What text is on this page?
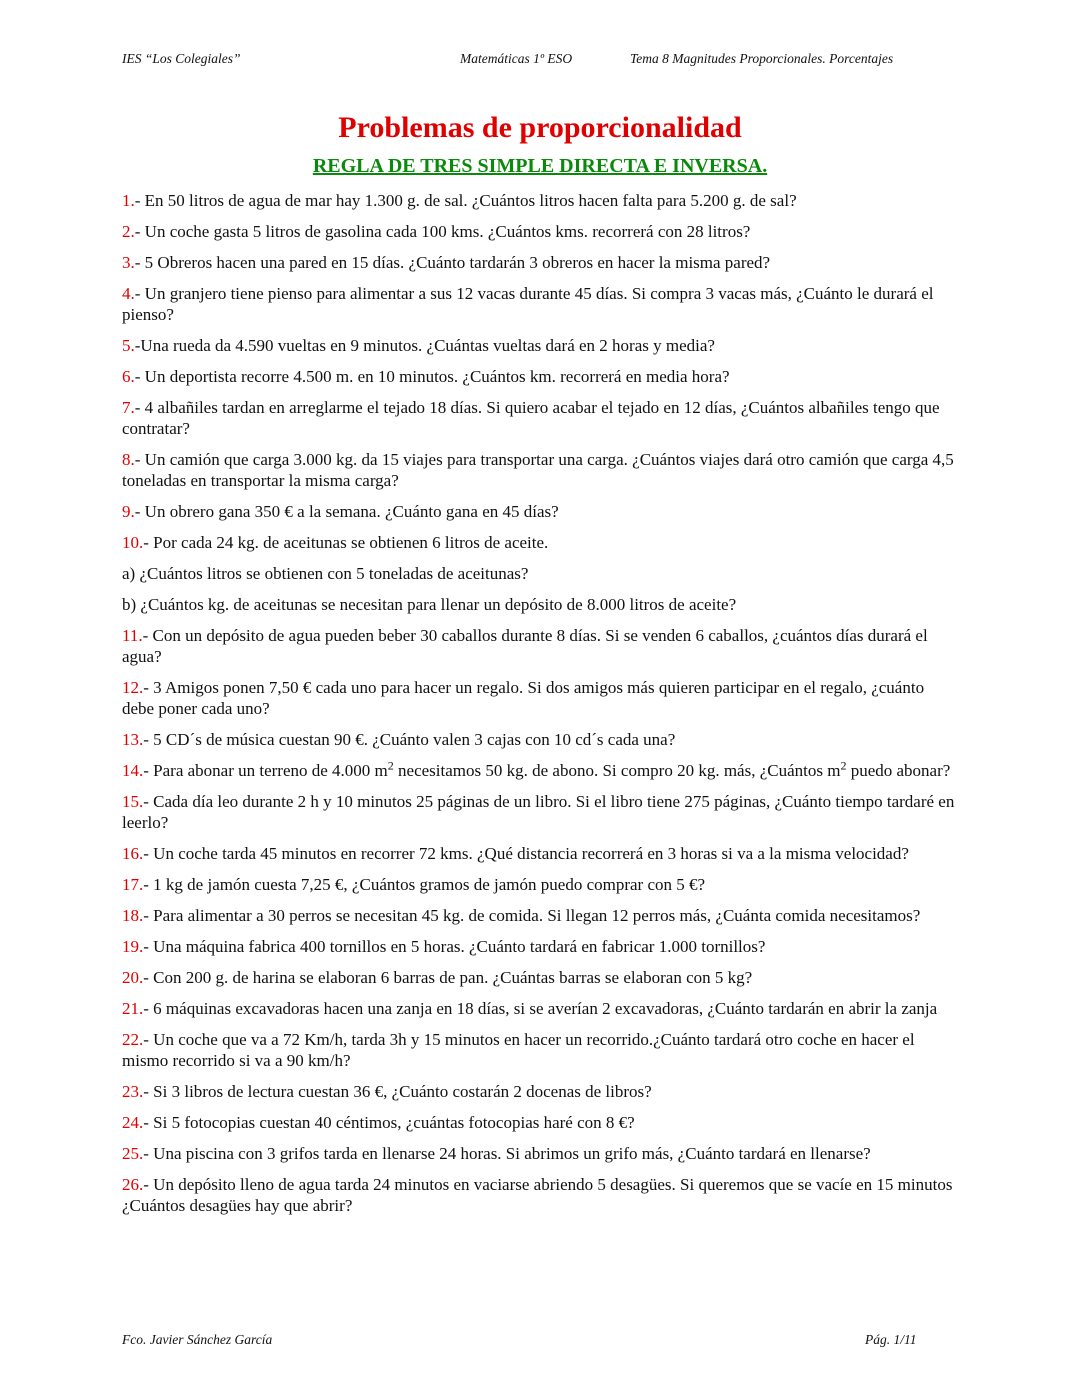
IES “Los Colegiales”	Matemáticas 1º ESO	Tema 8 Magnitudes Proporcionales. Porcentajes
Problemas de proporcionalidad
REGLA DE TRES SIMPLE DIRECTA E INVERSA.
1.- En 50 litros de agua de mar hay 1.300 g. de sal. ¿Cuántos litros hacen falta para 5.200 g. de sal?
2.- Un coche gasta 5 litros de gasolina cada 100 kms. ¿Cuántos kms. recorrerá con 28 litros?
3.- 5 Obreros hacen una pared en 15 días. ¿Cuánto tardarán 3 obreros en hacer la misma pared?
4.- Un granjero tiene pienso para alimentar a sus 12 vacas durante 45 días. Si compra 3 vacas más, ¿Cuánto le durará el pienso?
5.-Una rueda da 4.590 vueltas en 9 minutos. ¿Cuántas vueltas dará en 2 horas y media?
6.- Un deportista recorre 4.500 m. en 10 minutos. ¿Cuántos km. recorrerá en media hora?
7.- 4 albañiles tardan en arreglarme el tejado 18 días. Si quiero acabar el tejado en 12 días, ¿Cuántos albañiles tengo que contratar?
8.- Un camión que carga 3.000 kg. da 15 viajes para transportar una carga. ¿Cuántos viajes dará otro camión que carga 4,5 toneladas en transportar la misma carga?
9.- Un obrero gana 350 € a la semana. ¿Cuánto gana en 45 días?
10.- Por cada 24 kg. de aceitunas se obtienen 6 litros de aceite.
a) ¿Cuántos litros se obtienen con 5 toneladas de aceitunas?
b) ¿Cuántos kg. de aceitunas se necesitan para llenar un depósito de 8.000 litros de aceite?
11.- Con un depósito de agua pueden beber 30 caballos durante 8 días. Si se venden 6 caballos, ¿cuántos días durará el agua?
12.- 3 Amigos ponen 7,50 € cada uno para hacer un regalo. Si dos amigos más quieren participar en el regalo, ¿cuánto debe poner cada uno?
13.- 5 CD´s de música cuestan 90 €. ¿Cuánto valen 3 cajas con 10 cd´s cada una?
14.- Para abonar un terreno de 4.000 $m^2$ necesitamos 50 kg. de abono. Si compro 20 kg. más, ¿Cuántos $m^2$ puedo abonar?
15.- Cada día leo durante 2 h y 10 minutos 25 páginas de un libro. Si el libro tiene 275 páginas, ¿Cuánto tiempo tardaré en leerlo?
16.- Un coche tarda 45 minutos en recorrer 72 kms. ¿Qué distancia recorrerá en 3 horas si va a la misma velocidad?
17.- 1 kg de jamón cuesta 7,25 €, ¿Cuántos gramos de jamón puedo comprar con 5 €?
18.- Para alimentar a 30 perros se necesitan 45 kg. de comida. Si llegan 12 perros más, ¿Cuánta comida necesitamos?
19.- Una máquina fabrica 400 tornillos en 5 horas. ¿Cuánto tardará en fabricar 1.000 tornillos?
20.- Con 200 g. de harina se elaboran 6 barras de pan. ¿Cuántas barras se elaboran con 5 kg?
21.- 6 máquinas excavadoras hacen una zanja en 18 días, si se averían 2 excavadoras, ¿Cuánto tardarán en abrir la zanja
22.- Un coche que va a 72 Km/h, tarda 3h y 15 minutos en hacer un recorrido.¿Cuánto tardará otro coche en hacer el mismo recorrido si va a 90 km/h?
23.- Si 3 libros de lectura cuestan 36 €, ¿Cuánto costarán 2 docenas de libros?
24.- Si 5 fotocopias cuestan 40 céntimos, ¿cuántas fotocopias haré con 8 €?
25.- Una piscina con 3 grifos tarda en llenarse 24 horas. Si abrimos un grifo más, ¿Cuánto tardará en llenarse?
26.- Un depósito lleno de agua tarda 24 minutos en vaciarse abriendo 5 desagües. Si queremos que se vacíe en 15 minutos ¿Cuántos desagües hay que abrir?
Fco. Javier Sánchez García	Pág. 1/11
